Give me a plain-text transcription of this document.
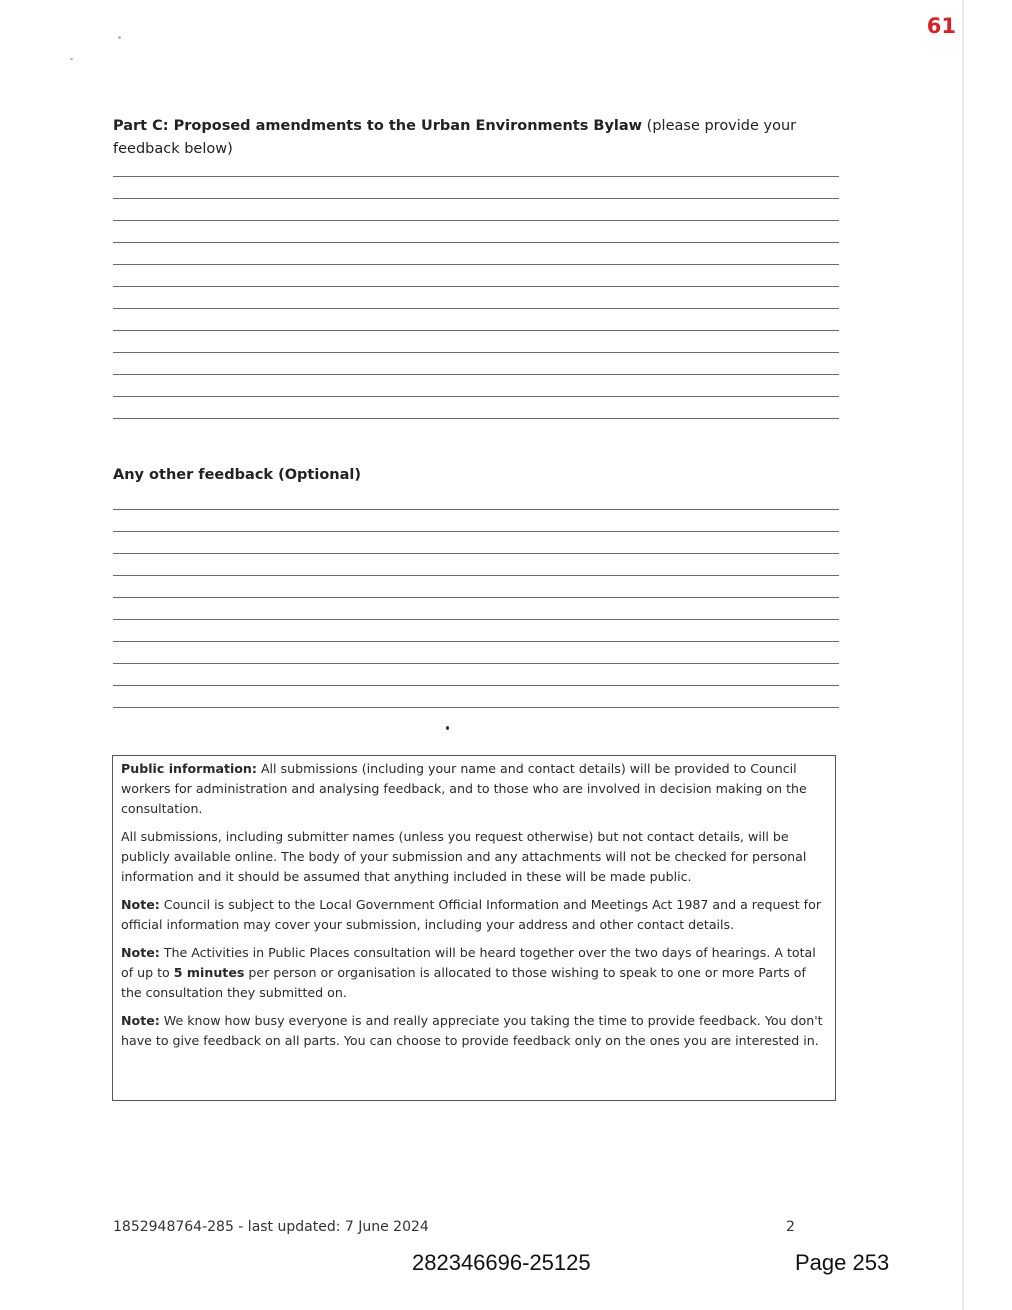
61
Part C: Proposed amendments to the Urban Environments Bylaw (please provide your feedback below)
Any other feedback (Optional)

Public information: All submissions (including your name and contact details) will be provided to Council workers for administration and analysing feedback, and to those who are involved in decision making on the consultation.

All submissions, including submitter names (unless you request otherwise) but not contact details, will be publicly available online. The body of your submission and any attachments will not be checked for personal information and it should be assumed that anything included in these will be made public.

Note: Council is subject to the Local Government Official Information and Meetings Act 1987 and a request for official information may cover your submission, including your address and other contact details.

Note: The Activities in Public Places consultation will be heard together over the two days of hearings. A total of up to 5 minutes per person or organisation is allocated to those wishing to speak to one or more Parts of the consultation they submitted on.

Note: We know how busy everyone is and really appreciate you taking the time to provide feedback. You don't have to give feedback on all parts. You can choose to provide feedback only on the ones you are interested in.

1852948764-285 - last updated: 7 June 2024	2
282346696-25125	Page 253
